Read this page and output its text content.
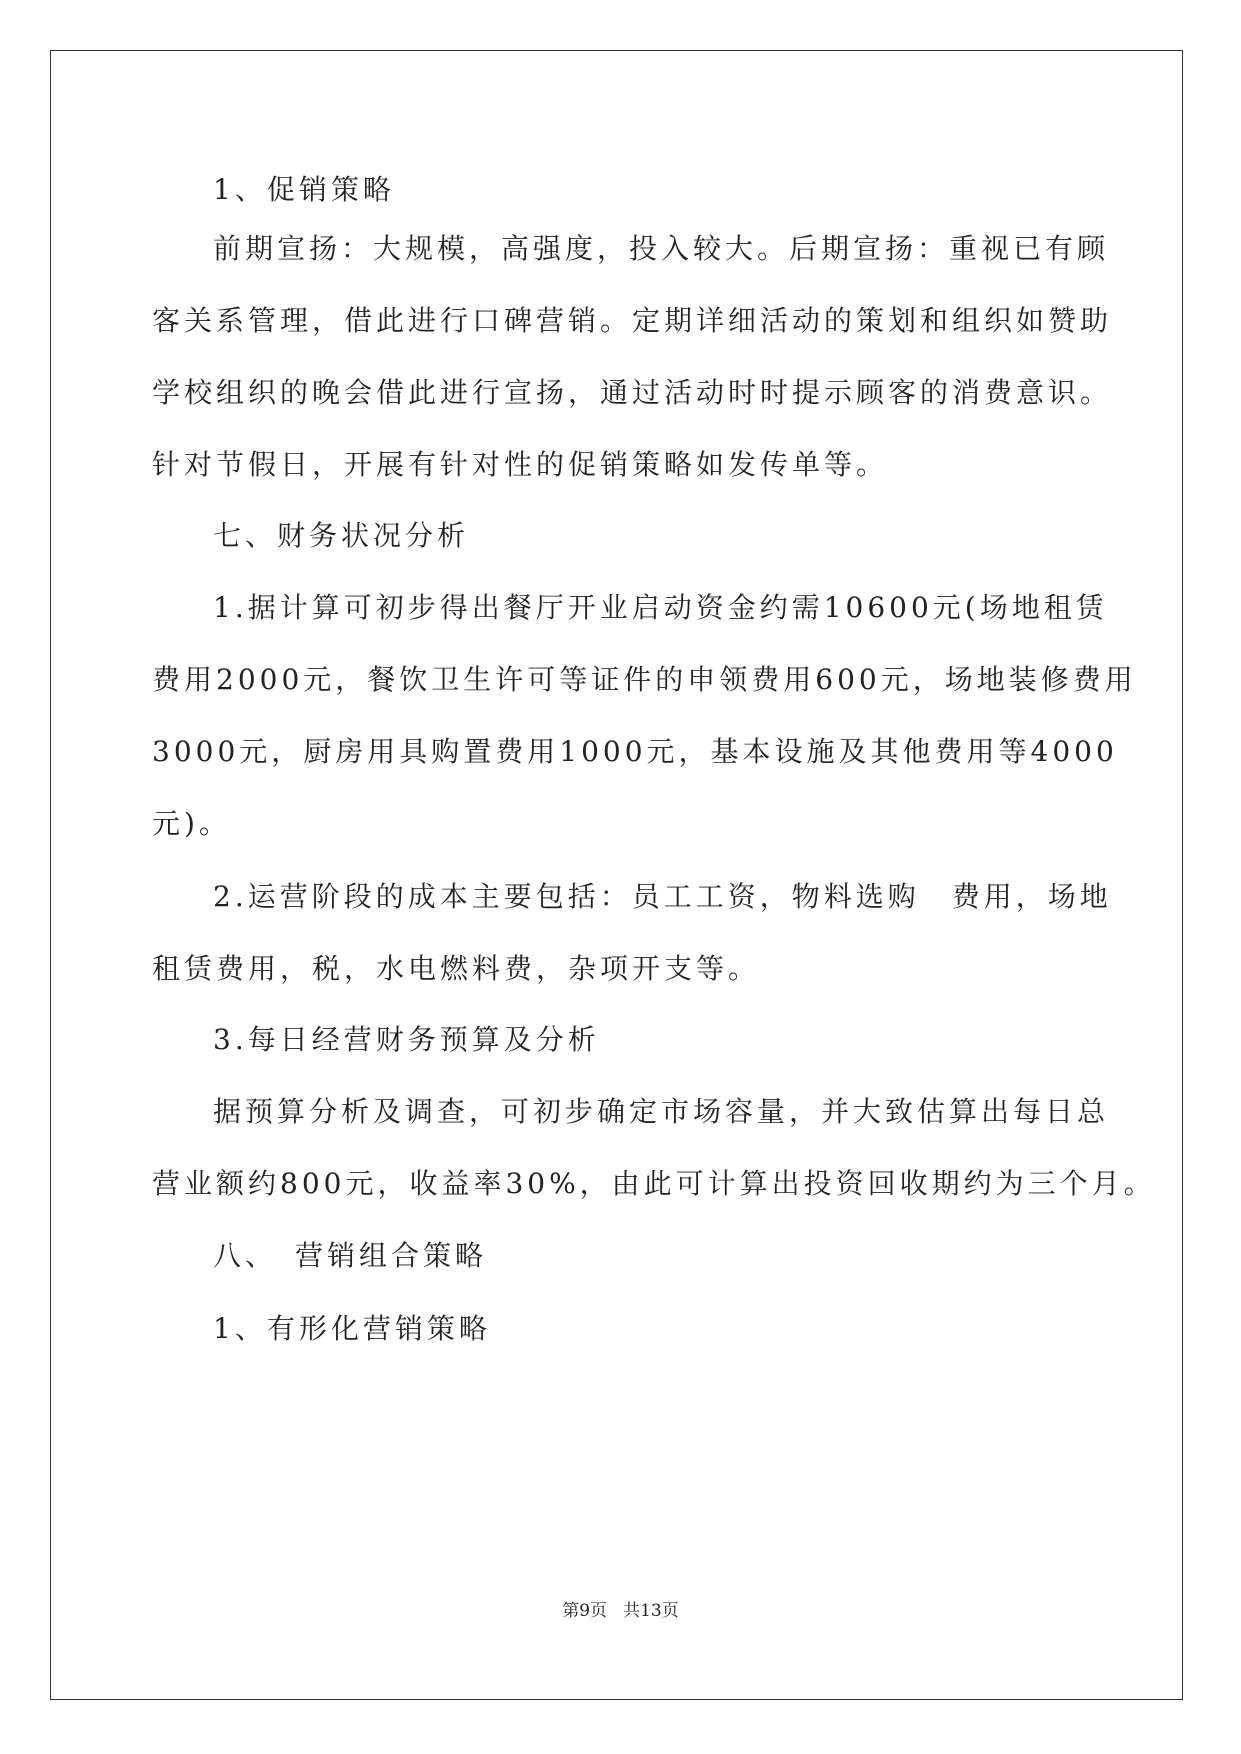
1、促销策略
前期宣扬：大规模，高强度，投入较大。后期宣扬：重视已有顾
客关系管理，借此进行口碑营销。定期详细活动的策划和组织如赞助
学校组织的晚会借此进行宣扬，通过活动时时提示顾客的消费意识。
针对节假日，开展有针对性的促销策略如发传单等。
七、财务状况分析
1.据计算可初步得出餐厅开业启动资金约需10600元(场地租赁
费用2000元，餐饮卫生许可等证件的申领费用600元，场地装修费用
3000元，厨房用具购置费用1000元，基本设施及其他费用等4000
元)。
2.运营阶段的成本主要包括：员工工资，物料选购　费用，场地
租赁费用，税，水电燃料费，杂项开支等。
3.每日经营财务预算及分析
据预算分析及调查，可初步确定市场容量，并大致估算出每日总
营业额约800元，收益率30%，由此可计算出投资回收期约为三个月。
八、　营销组合策略
1、有形化营销策略
第9页 共13页
